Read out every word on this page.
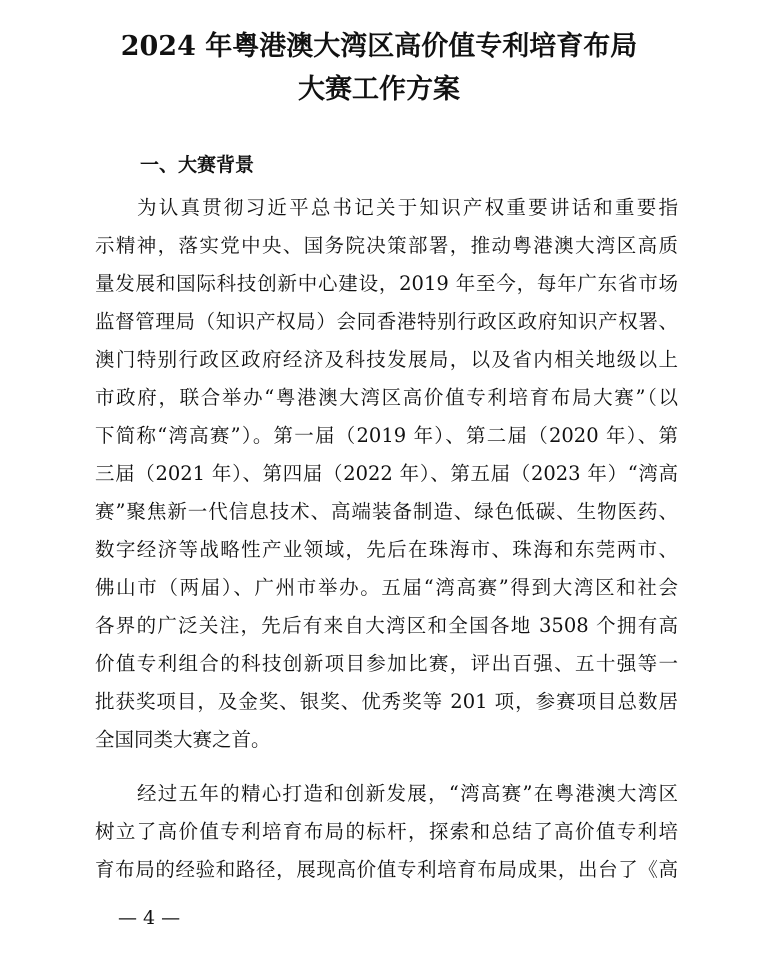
2024 年粤港澳大湾区高价值专利培育布局
大赛工作方案
一、大赛背景
为认真贯彻习近平总书记关于知识产权重要讲话和重要指
示精神，落实党中央、国务院决策部署，推动粤港澳大湾区高质
量发展和国际科技创新中心建设，2019 年至今，每年广东省市场
监督管理局（知识产权局）会同香港特别行政区政府知识产权署、
澳门特别行政区政府经济及科技发展局，以及省内相关地级以上
市政府，联合举办“粤港澳大湾区高价值专利培育布局大赛”（以
下简称“湾高赛”）。第一届（2019 年）、第二届（2020 年）、第
三届（2021 年）、第四届（2022 年）、第五届（2023 年）“湾高
赛”聚焦新一代信息技术、高端装备制造、绿色低碳、生物医药、
数字经济等战略性产业领域，先后在珠海市、珠海和东莞两市、
佛山市（两届）、广州市举办。五届“湾高赛”得到大湾区和社会
各界的广泛关注，先后有来自大湾区和全国各地 3508 个拥有高
价值专利组合的科技创新项目参加比赛，评出百强、五十强等一
批获奖项目，及金奖、银奖、优秀奖等 201 项，参赛项目总数居
全国同类大赛之首。
经过五年的精心打造和创新发展，“湾高赛”在粤港澳大湾区
树立了高价值专利培育布局的标杆，探索和总结了高价值专利培
育布局的经验和路径，展现高价值专利培育布局成果，出台了《高
— 4 —
